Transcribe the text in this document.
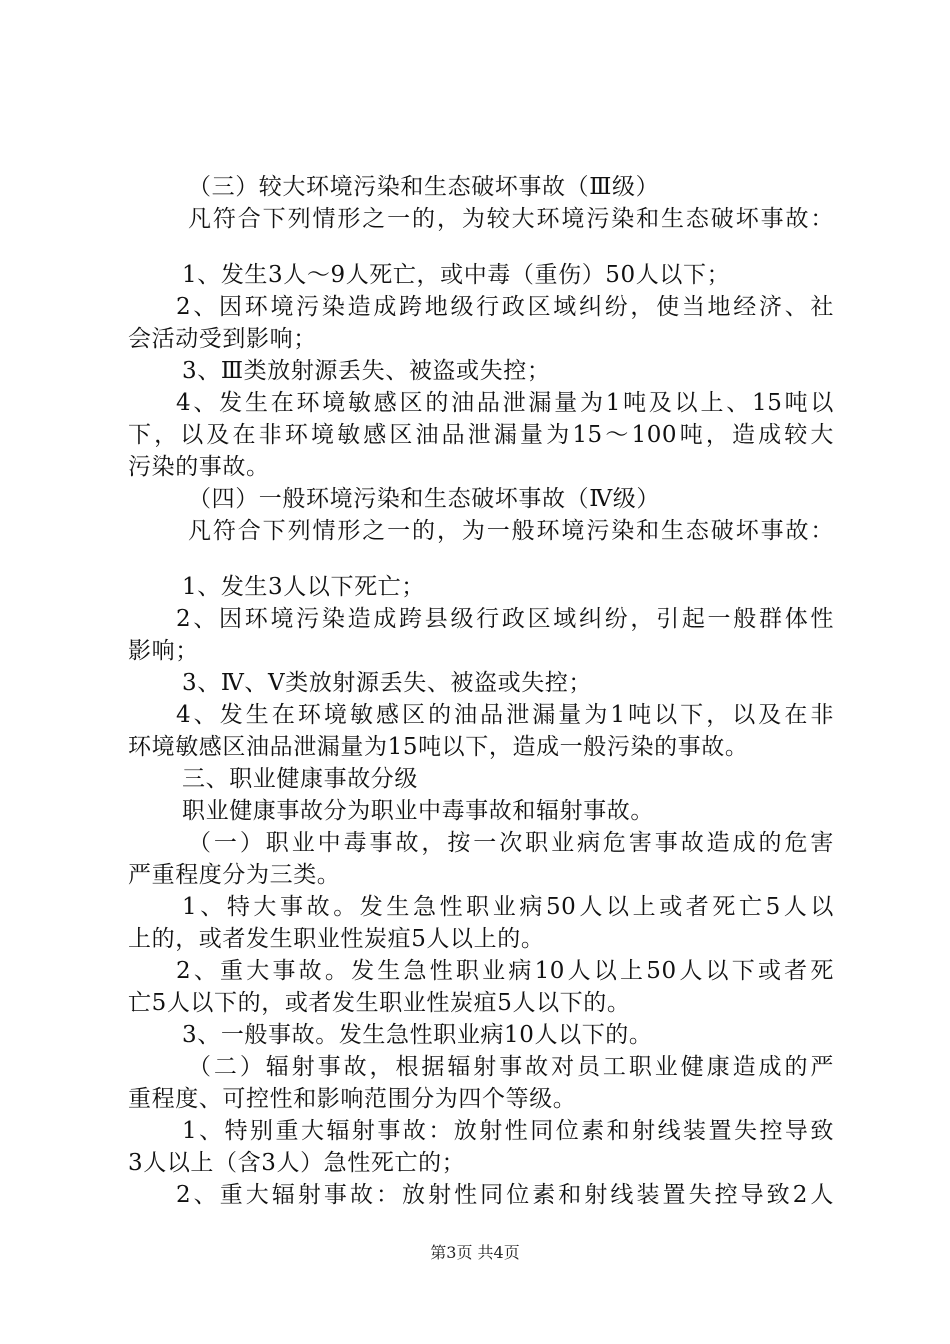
（三）较大环境污染和生态破坏事故（Ⅲ级）
凡符合下列情形之一的，为较大环境污染和生态破坏事故：
1、发生3人～9人死亡，或中毒（重伤）50人以下；
2、因环境污染造成跨地级行政区域纠纷，使当地经济、社
会活动受到影响；
3、Ⅲ类放射源丢失、被盗或失控；
4、发生在环境敏感区的油品泄漏量为1吨及以上、15吨以
下，以及在非环境敏感区油品泄漏量为15～100吨，造成较大
污染的事故。
（四）一般环境污染和生态破坏事故（Ⅳ级）
凡符合下列情形之一的，为一般环境污染和生态破坏事故：
1、发生3人以下死亡；
2、因环境污染造成跨县级行政区域纠纷，引起一般群体性
影响；
3、Ⅳ、Ⅴ类放射源丢失、被盗或失控；
4、发生在环境敏感区的油品泄漏量为1吨以下，以及在非
环境敏感区油品泄漏量为15吨以下，造成一般污染的事故。
三、职业健康事故分级
职业健康事故分为职业中毒事故和辐射事故。
（一）职业中毒事故，按一次职业病危害事故造成的危害
严重程度分为三类。
1、特大事故。发生急性职业病50人以上或者死亡5人以
上的，或者发生职业性炭疽5人以上的。
2、重大事故。发生急性职业病10人以上50人以下或者死
亡5人以下的，或者发生职业性炭疽5人以下的。
3、一般事故。发生急性职业病10人以下的。
（二）辐射事故，根据辐射事故对员工职业健康造成的严
重程度、可控性和影响范围分为四个等级。
1、特别重大辐射事故：放射性同位素和射线装置失控导致
3人以上（含3人）急性死亡的；
2、重大辐射事故：放射性同位素和射线装置失控导致2人
第3页 共4页
